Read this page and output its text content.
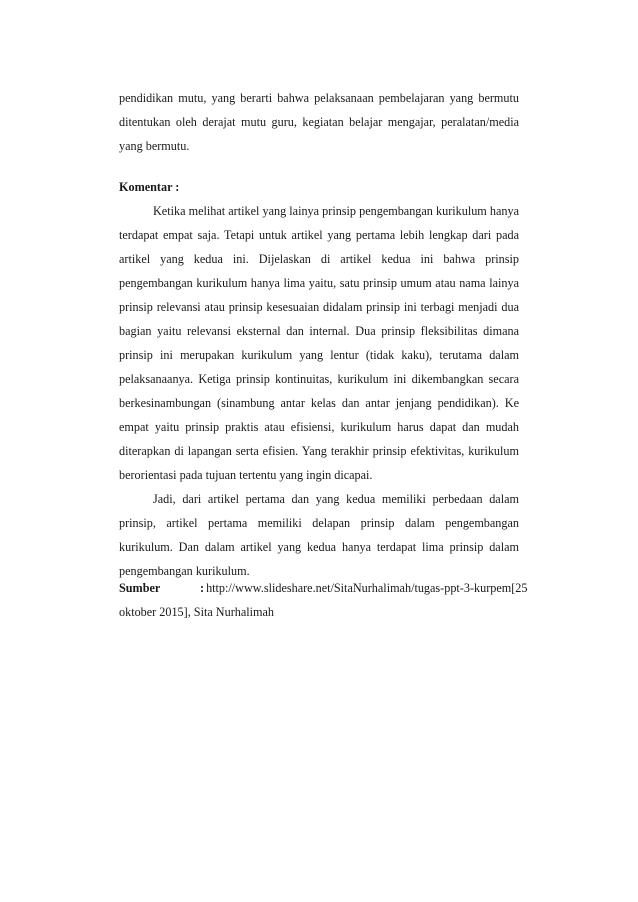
pendidikan mutu, yang berarti bahwa pelaksanaan pembelajaran yang bermutu
ditentukan oleh derajat mutu guru, kegiatan belajar mengajar, peralatan/media
yang bermutu.
Komentar :
Ketika melihat artikel yang lainya prinsip pengembangan kurikulum hanya
terdapat empat saja. Tetapi untuk artikel yang pertama lebih lengkap dari pada
artikel yang kedua ini. Dijelaskan di artikel kedua ini bahwa prinsip
pengembangan kurikulum hanya lima yaitu, satu prinsip umum atau nama lainya
prinsip relevansi atau prinsip kesesuaian didalam prinsip ini terbagi menjadi dua
bagian yaitu relevansi eksternal dan internal. Dua prinsip fleksibilitas dimana
prinsip ini merupakan kurikulum yang lentur (tidak kaku), terutama dalam
pelaksanaanya. Ketiga prinsip kontinuitas, kurikulum ini dikembangkan secara
berkesinambungan (sinambung antar kelas dan antar jenjang pendidikan). Ke
empat yaitu prinsip praktis atau efisiensi, kurikulum harus dapat dan mudah
diterapkan di lapangan serta efisien. Yang terakhir prinsip efektivitas, kurikulum
berorientasi pada tujuan tertentu yang ingin dicapai.
Jadi, dari artikel pertama dan yang kedua memiliki perbedaan dalam
prinsip, artikel pertama memiliki delapan prinsip dalam pengembangan
kurikulum. Dan dalam artikel yang kedua hanya terdapat lima prinsip dalam
pengembangan kurikulum.
Sumber	: http://www.slideshare.net/SitaNurhalimah/tugas-ppt-3-kurpem[25
oktober 2015], Sita Nurhalimah
